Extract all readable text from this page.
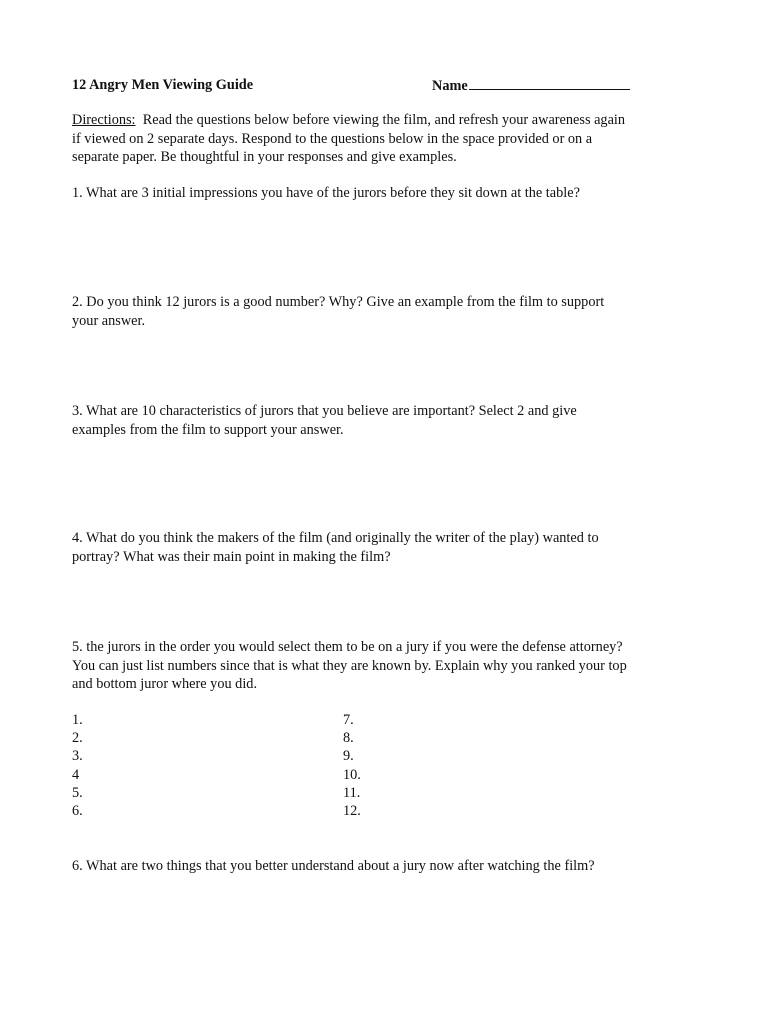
12 Angry Men Viewing Guide	Name
Directions: Read the questions below before viewing the film, and refresh your awareness again
if viewed on 2 separate days. Respond to the questions below in the space provided or on a
separate paper. Be thoughtful in your responses and give examples.
1. What are 3 initial impressions you have of the jurors before they sit down at the table?
2. Do you think 12 jurors is a good number? Why? Give an example from the film to support
your answer.
3. What are 10 characteristics of jurors that you believe are important? Select 2 and give
examples from the film to support your answer.
4. What do you think the makers of the film (and originally the writer of the play) wanted to
portray? What was their main point in making the film?
5. the jurors in the order you would select them to be on a jury if you were the defense attorney?
You can just list numbers since that is what they are known by. Explain why you ranked your top
and bottom juror where you did.
1.
2.
3.
4
5.
6.
7.
8.
9.
10.
11.
12.
6. What are two things that you better understand about a jury now after watching the film?
